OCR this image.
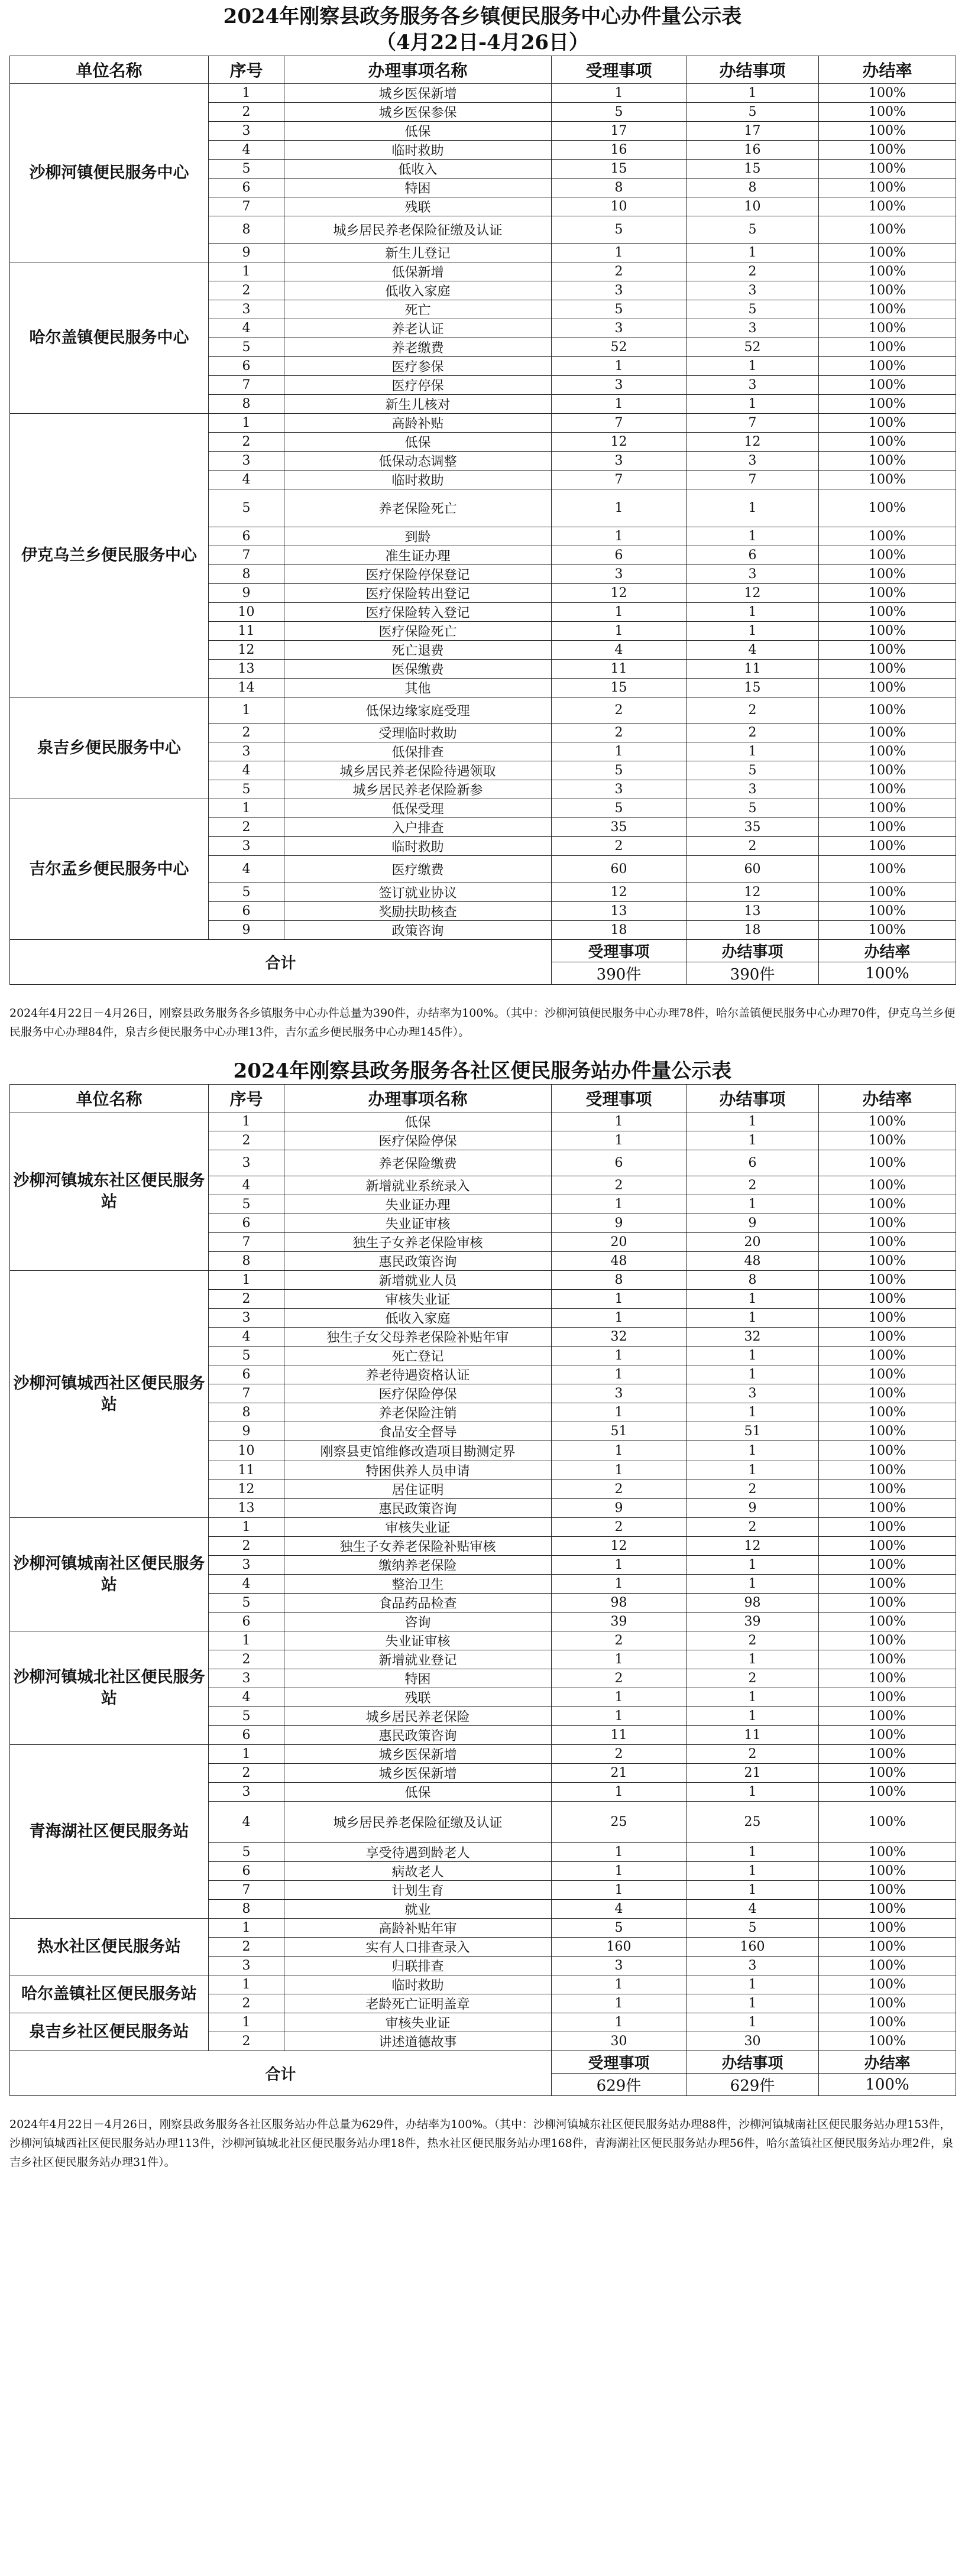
2024年刚察县政务服务各乡镇便民服务中心办件量公示表
（4月22日-4月26日）
单位名称	序号	办理事项名称	受理事项	办结事项	办结率
沙柳河镇便民服务中心	1	城乡医保新增	1	1	100%
	2	城乡医保参保	5	5	100%
	3	低保	17	17	100%
	4	临时救助	16	16	100%
	5	低收入	15	15	100%
	6	特困	8	8	100%
	7	残联	10	10	100%
	8	城乡居民养老保险征缴及认证	5	5	100%
	9	新生儿登记	1	1	100%
哈尔盖镇便民服务中心	1	低保新增	2	2	100%
	2	低收入家庭	3	3	100%
	3	死亡	5	5	100%
	4	养老认证	3	3	100%
	5	养老缴费	52	52	100%
	6	医疗参保	1	1	100%
	7	医疗停保	3	3	100%
	8	新生儿核对	1	1	100%
伊克乌兰乡便民服务中心	1	高龄补贴	7	7	100%
	2	低保	12	12	100%
	3	低保动态调整	3	3	100%
	4	临时救助	7	7	100%
	5	养老保险死亡	1	1	100%
	6	到龄	1	1	100%
	7	准生证办理	6	6	100%
	8	医疗保险停保登记	3	3	100%
	9	医疗保险转出登记	12	12	100%
	10	医疗保险转入登记	1	1	100%
	11	医疗保险死亡	1	1	100%
	12	死亡退费	4	4	100%
	13	医保缴费	11	11	100%
	14	其他	15	15	100%
泉吉乡便民服务中心	1	低保边缘家庭受理	2	2	100%
	2	受理临时救助	2	2	100%
	3	低保排查	1	1	100%
	4	城乡居民养老保险待遇领取	5	5	100%
	5	城乡居民养老保险新参	3	3	100%
吉尔孟乡便民服务中心	1	低保受理	5	5	100%
	2	入户排查	35	35	100%
	3	临时救助	2	2	100%
	4	医疗缴费	60	60	100%
	5	签订就业协议	12	12	100%
	6	奖励扶助核查	13	13	100%
	9	政策咨询	18	18	100%
合计			受理事项	办结事项	办结率
			390件	390件	100%
2024年4月22日－4月26日，刚察县政务服务各乡镇服务中心办件总量为390件，办结率为100%。（其中：沙柳河镇便民服务中心办理78件，哈尔盖镇便民服务中心办理70件，伊克乌兰乡便民服务中心办理84件，泉吉乡便民服务中心办理13件，吉尔孟乡便民服务中心办理145件）。
2024年刚察县政务服务各社区便民服务站办件量公示表
单位名称	序号	办理事项名称	受理事项	办结事项	办结率
沙柳河镇城东社区便民服务站	1	低保	1	1	100%
	2	医疗保险停保	1	1	100%
	3	养老保险缴费	6	6	100%
	4	新增就业系统录入	2	2	100%
	5	失业证办理	1	1	100%
	6	失业证审核	9	9	100%
	7	独生子女养老保险审核	20	20	100%
	8	惠民政策咨询	48	48	100%
沙柳河镇城西社区便民服务站	1	新增就业人员	8	8	100%
	2	审核失业证	1	1	100%
	3	低收入家庭	1	1	100%
	4	独生子女父母养老保险补贴年审	32	32	100%
	5	死亡登记	1	1	100%
	6	养老待遇资格认证	1	1	100%
	7	医疗保险停保	3	3	100%
	8	养老保险注销	1	1	100%
	9	食品安全督导	51	51	100%
	10	刚察县吏馆维修改造项目勘测定界	1	1	100%
	11	特困供养人员申请	1	1	100%
	12	居住证明	2	2	100%
	13	惠民政策咨询	9	9	100%
沙柳河镇城南社区便民服务站	1	审核失业证	2	2	100%
	2	独生子女养老保险补贴审核	12	12	100%
	3	缴纳养老保险	1	1	100%
	4	整治卫生	1	1	100%
	5	食品药品检查	98	98	100%
	6	咨询	39	39	100%
沙柳河镇城北社区便民服务站	1	失业证审核	2	2	100%
	2	新增就业登记	1	1	100%
	3	特困	2	2	100%
	4	残联	1	1	100%
	5	城乡居民养老保险	1	1	100%
	6	惠民政策咨询	11	11	100%
青海湖社区便民服务站	1	城乡医保新增	2	2	100%
	2	城乡医保新增	21	21	100%
	3	低保	1	1	100%
	4	城乡居民养老保险征缴及认证	25	25	100%
	5	享受待遇到龄老人	1	1	100%
	6	病故老人	1	1	100%
	7	计划生育	1	1	100%
	8	就业	4	4	100%
热水社区便民服务站	1	高龄补贴年审	5	5	100%
	2	实有人口排查录入	160	160	100%
	3	归联排查	3	3	100%
哈尔盖镇社区便民服务站	1	临时救助	1	1	100%
	2	老龄死亡证明盖章	1	1	100%
泉吉乡社区便民服务站	1	审核失业证	1	1	100%
	2	讲述道德故事	30	30	100%
合计			受理事项	办结事项	办结率
			629件	629件	100%
2024年4月22日－4月26日，刚察县政务服务各社区服务站办件总量为629件，办结率为100%。（其中：沙柳河镇城东社区便民服务站办理88件，沙柳河镇城南社区便民服务站办理153件，沙柳河镇城西社区便民服务站办理113件，沙柳河镇城北社区便民服务站办理18件，热水社区便民服务站办理168件，青海湖社区便民服务站办理56件，哈尔盖镇社区便民服务站办理2件，泉吉乡社区便民服务站办理31件）。
